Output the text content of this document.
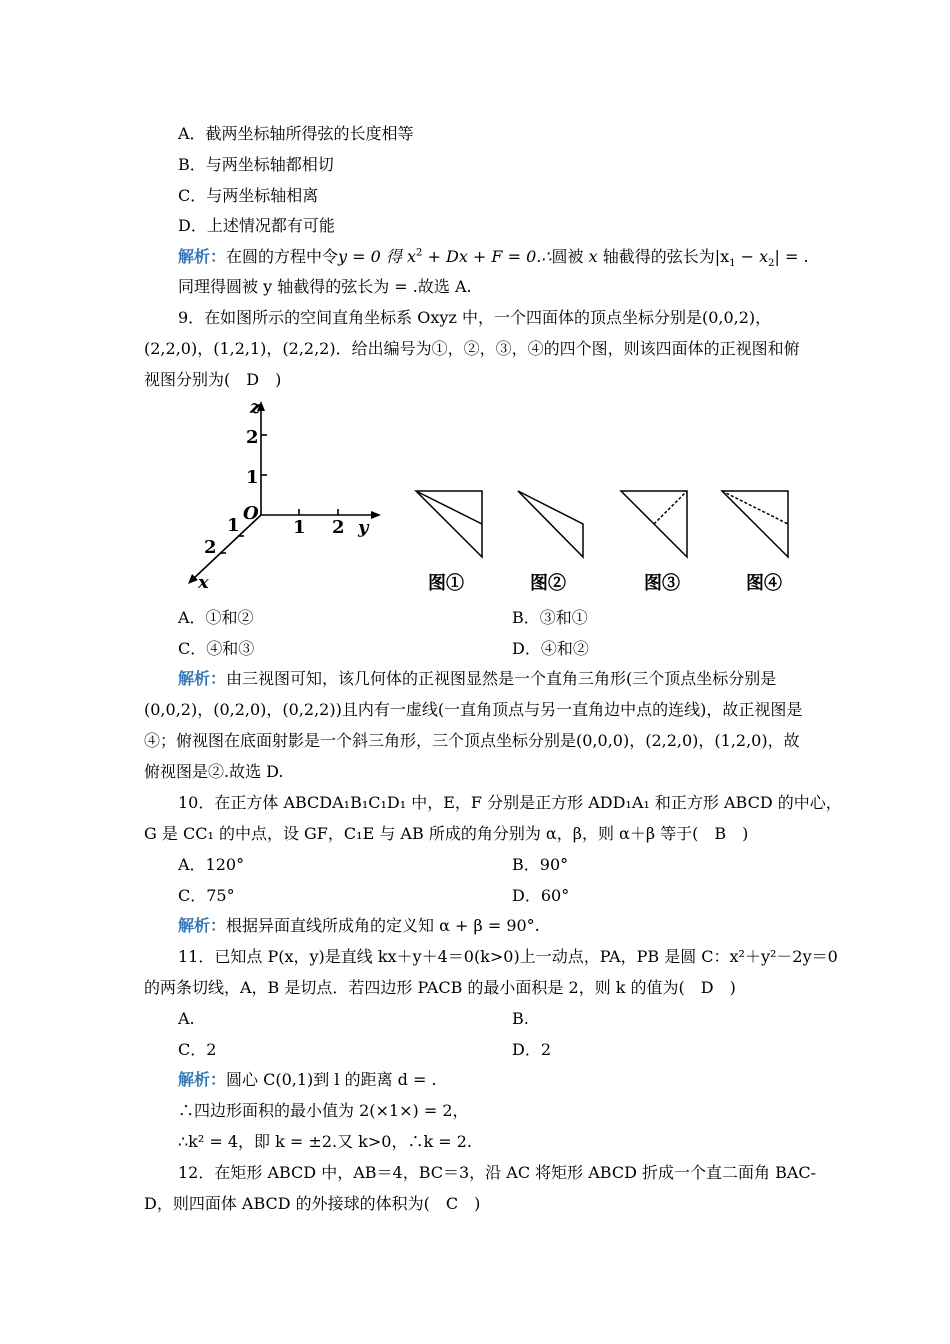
A．截两坐标轴所得弦的长度相等
B．与两坐标轴都相切
C．与两坐标轴相离
D．上述情况都有可能
解析：在圆的方程中令y = 0 得 $x^2 + Dx + F$ = 0.∴圆被 x 轴截得的弦长为$|x_1 - x_2|$ = .
同理得圆被 y 轴截得的弦长为 = .故选 A.
9．在如图所示的空间直角坐标系 Oxyz 中，一个四面体的顶点坐标分别是(0,0,2)，
(2,2,0)，(1,2,1)，(2,2,2)．给出编号为①，②，③，④的四个图，则该四面体的正视图和俯
视图分别为(　D　)
z
2
1
O
1 2 y
1
2
x	图①	图②	图③	图④
A．①和②	B．③和①
C．④和③	D．④和②
解析：由三视图可知，该几何体的正视图显然是一个直角三角形(三个顶点坐标分别是
(0,0,2)，(0,2,0)，(0,2,2))且内有一虚线(一直角顶点与另一直角边中点的连线)，故正视图是
④；俯视图在底面射影是一个斜三角形，三个顶点坐标分别是(0,0,0)，(2,2,0)，(1,2,0)，故
俯视图是②.故选 D.
10．在正方体 ABCDA₁B₁C₁D₁ 中，E，F 分别是正方形 ADD₁A₁ 和正方形 ABCD 的中心，
G 是 CC₁ 的中点，设 GF，C₁E 与 AB 所成的角分别为 α，β，则 α＋β 等于(　B　)
A．120°	B．90°
C．75°	D．60°
解析：根据异面直线所成角的定义知 α + β = 90°.
11．已知点 P(x，y)是直线 kx＋y＋4＝0(k>0)上一动点，PA，PB 是圆 C：x²＋y²－2y＝0
的两条切线，A，B 是切点．若四边形 PACB 的最小面积是 2，则 k 的值为(　D　)
A.	B.
C．2	D．2
解析：圆心 C(0,1)到 l 的距离 d = .
∴四边形面积的最小值为 2(×1×) = 2，
∴k² = 4，即 k = ±2.又 k>0，∴k = 2.
12．在矩形 ABCD 中，AB＝4，BC＝3，沿 AC 将矩形 ABCD 折成一个直二面角 BAC-
D，则四面体 ABCD 的外接球的体积为(　C　)
